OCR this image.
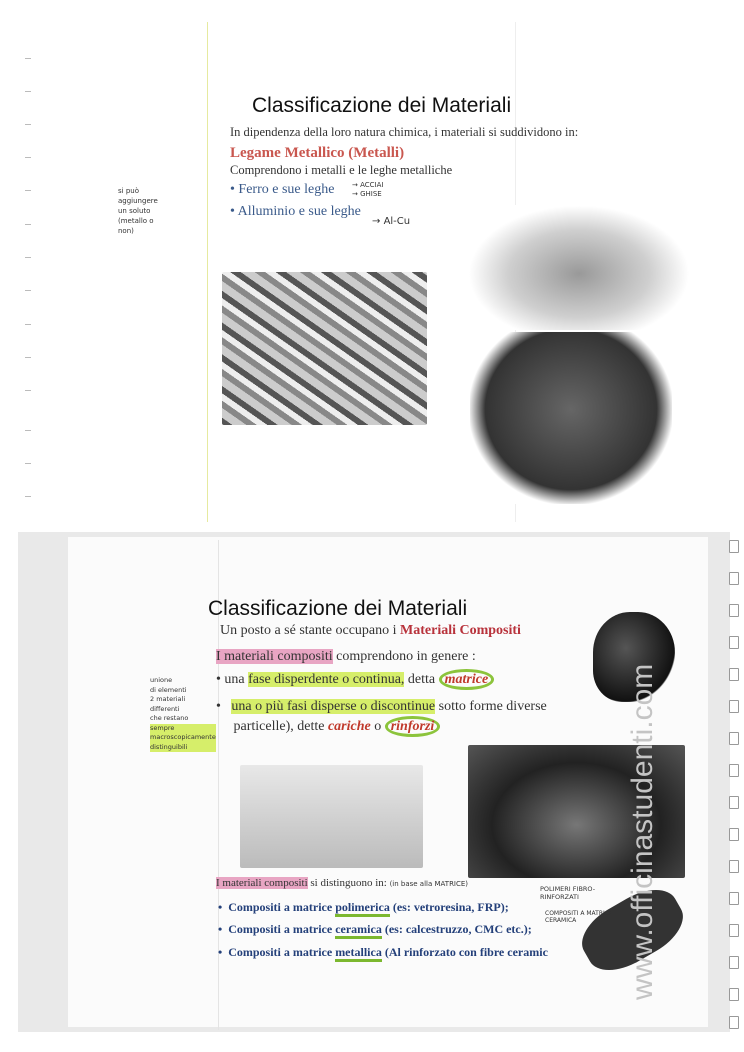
Classificazione dei Materiali
In dipendenza della loro natura chimica, i materiali si suddividono in:
Legame Metallico (Metalli)
Comprendono i metalli e le leghe metalliche
• Ferro e sue leghe
• Alluminio e sue leghe
→ ACCIAI
→ GHISE
→ Al-Cu
si può
aggiungere
un soluto
(metallo o
non)
Classificazione dei Materiali
Un posto a sé stante occupano i Materiali Compositi
I materiali compositi comprendono in genere :
• una fase disperdente o continua, detta matrice
•   una o più fasi disperse o discontinue sotto forme diverse
particelle), dette cariche o rinforzi
unione
di elementi
2 materiali
differenti
che restano
sempre
macroscopicamente
distinguibili
I materiali compositi si distinguono in: (in base alla MATRICE)
•  Compositi a matrice polimerica (es: vetroresina, FRP);
•  Compositi a matrice ceramica (es: calcestruzzo, CMC etc.);
•  Compositi a matrice metallica (Al rinforzato con fibre ceramic
POLIMERI FIBRO-RINFORZATI
COMPOSITI A MATRICE CERAMICA	www.officinastudenti.com
